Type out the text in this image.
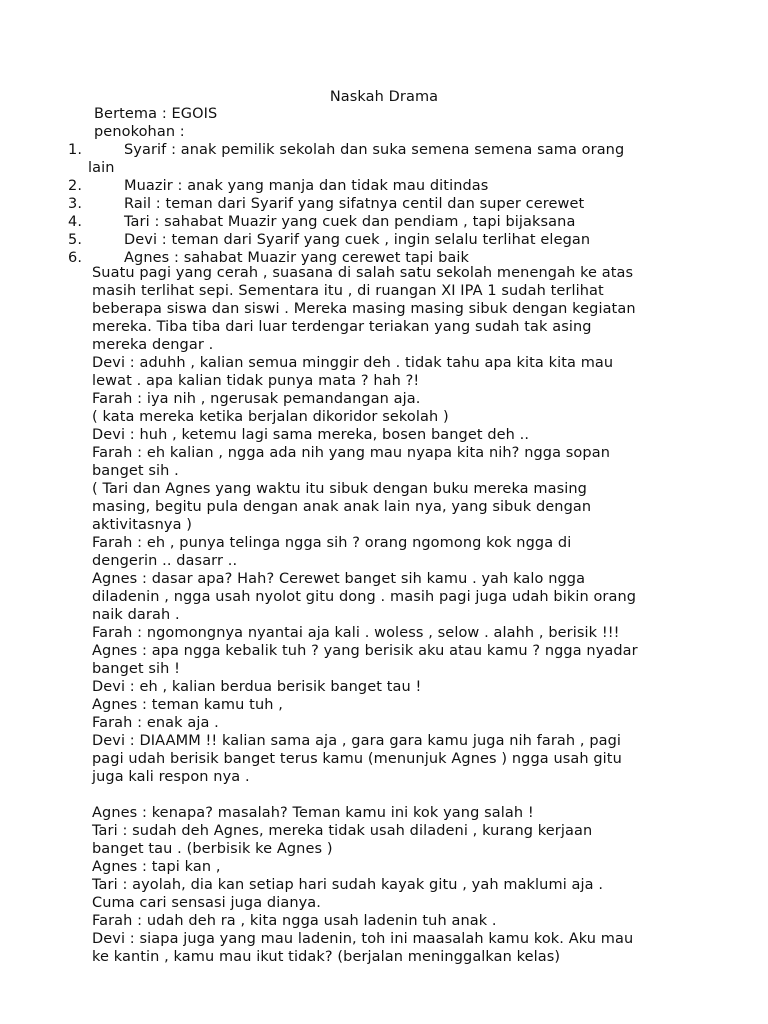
Naskah Drama
Bertema : EGOIS
penokohan :
1.	Syarif : anak pemilik sekolah dan suka semena semena sama orang
lain
2.	Muazir : anak yang manja dan tidak mau ditindas
3.	Rail : teman dari Syarif yang sifatnya centil dan super cerewet
4.	Tari : sahabat Muazir yang cuek dan pendiam , tapi bijaksana
5.	Devi : teman dari Syarif yang cuek , ingin selalu terlihat elegan
6.	Agnes : sahabat Muazir yang cerewet tapi baik
Suatu pagi yang cerah , suasana di salah satu sekolah menengah ke atas
masih terlihat sepi. Sementara itu , di ruangan XI IPA 1 sudah terlihat
beberapa siswa dan siswi . Mereka masing masing sibuk dengan kegiatan
mereka. Tiba tiba dari luar terdengar teriakan yang sudah tak asing
mereka dengar .
Devi : aduhh , kalian semua minggir deh . tidak tahu apa kita kita mau
lewat . apa kalian tidak punya mata ? hah ?!
Farah : iya nih , ngerusak pemandangan aja.
( kata mereka ketika berjalan dikoridor sekolah )
Devi : huh , ketemu lagi sama mereka, bosen banget deh ..
Farah : eh kalian , ngga ada nih yang mau nyapa kita nih? ngga sopan
banget sih .
( Tari dan Agnes yang waktu itu sibuk dengan buku mereka masing
masing, begitu pula dengan anak anak lain nya, yang sibuk dengan
aktivitasnya )
Farah : eh , punya telinga ngga sih ? orang ngomong kok ngga di
dengerin .. dasarr ..
Agnes : dasar apa? Hah? Cerewet banget sih kamu . yah kalo ngga
diladenin , ngga usah nyolot gitu dong . masih pagi juga udah bikin orang
naik darah .
Farah : ngomongnya nyantai aja kali . woless , selow . alahh , berisik !!!
Agnes : apa ngga kebalik tuh ? yang berisik aku atau kamu ? ngga nyadar
banget sih !
Devi : eh , kalian berdua berisik banget tau !
Agnes : teman kamu tuh ,
Farah : enak aja .
Devi : DIAAMM !! kalian sama aja , gara gara kamu juga nih farah , pagi
pagi udah berisik banget terus kamu (menunjuk Agnes ) ngga usah gitu
juga kali respon nya .
Agnes : kenapa? masalah? Teman kamu ini kok yang salah !
Tari : sudah deh Agnes, mereka tidak usah diladeni , kurang kerjaan
banget tau . (berbisik ke Agnes )
Agnes : tapi kan ,
Tari : ayolah, dia kan setiap hari sudah kayak gitu , yah maklumi aja .
Cuma cari sensasi juga dianya.
Farah : udah deh ra , kita ngga usah ladenin tuh anak .
Devi : siapa juga yang mau ladenin, toh ini maasalah kamu kok. Aku mau
ke kantin , kamu mau ikut tidak? (berjalan meninggalkan kelas)
